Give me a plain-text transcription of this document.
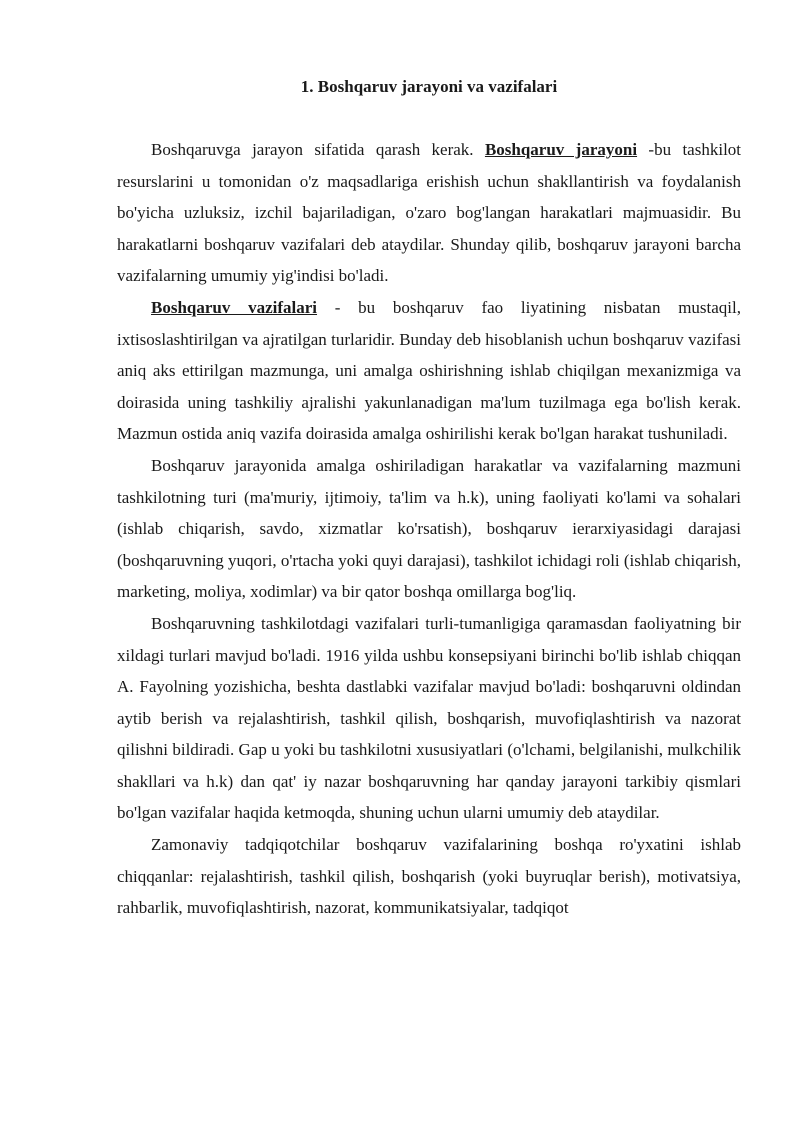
1. Boshqaruv jarayoni va vazifalari

Boshqaruvga jarayon sifatida qarash kerak. Boshqaruv jarayoni -bu tashkilot resurslarini u tomonidan o'z maqsadlariga erishish uchun shakllantirish va foydalanish bo'yicha uzluksiz, izchil bajariladigan, o'zaro bog'langan harakatlari majmuasidir. Bu harakatlarni boshqaruv vazifalari deb ataydilar. Shunday qilib, boshqaruv jarayoni barcha vazifalarning umumiy yig'indisi bo'ladi.

Boshqaruv vazifalari - bu boshqaruv fao liyatining nisbatan mustaqil, ixtisoslashtirilgan va ajratilgan turlaridir. Bunday deb hisoblanish uchun boshqaruv vazifasi aniq aks ettirilgan mazmunga, uni amalga oshirishning ishlab chiqilgan mexanizmiga va doirasida uning tashkiliy ajralishi yakunlanadigan ma'lum tuzilmaga ega bo'lish kerak. Mazmun ostida aniq vazifa doirasida amalga oshirilishi kerak bo'lgan harakat tushuniladi.

Boshqaruv jarayonida amalga oshiriladigan harakatlar va vazifalarning mazmuni tashkilotning turi (ma'muriy, ijtimoiy, ta'lim va h.k), uning faoliyati ko'lami va sohalari (ishlab chiqarish, savdo, xizmatlar ko'rsatish), boshqaruv ierarxiyasidagi darajasi (boshqaruvning yuqori, o'rtacha yoki quyi darajasi), tashkilot ichidagi roli (ishlab chiqarish, marketing, moliya, xodimlar) va bir qator boshqa omillarga bog'liq.

Boshqaruvning tashkilotdagi vazifalari turli-tumanligiga qaramasdan faoliyatning bir xildagi turlari mavjud bo'ladi. 1916 yilda ushbu konsepsiyani birinchi bo'lib ishlab chiqqan A. Fayolning yozishicha, beshta dastlabki vazifalar mavjud bo'ladi: boshqaruvni oldindan aytib berish va rejalashtirish, tashkil qilish, boshqarish, muvofiqlashtirish va nazorat qilishni bildiradi. Gap u yoki bu tashkilotni xususiyatlari (o'lchami, belgilanishi, mulkchilik shakllari va h.k) dan qat' iy nazar boshqaruvning har qanday jarayoni tarkibiy qismlari bo'lgan vazifalar haqida ketmoqda, shuning uchun ularni umumiy deb ataydilar.

Zamonaviy tadqiqotchilar boshqaruv vazifalarining boshqa ro'yxatini ishlab chiqqanlar: rejalashtirish, tashkil qilish, boshqarish (yoki buyruqlar berish), motivatsiya, rahbarlik, muvofiqlashtirish, nazorat, kommunikatsiyalar, tadqiqot
